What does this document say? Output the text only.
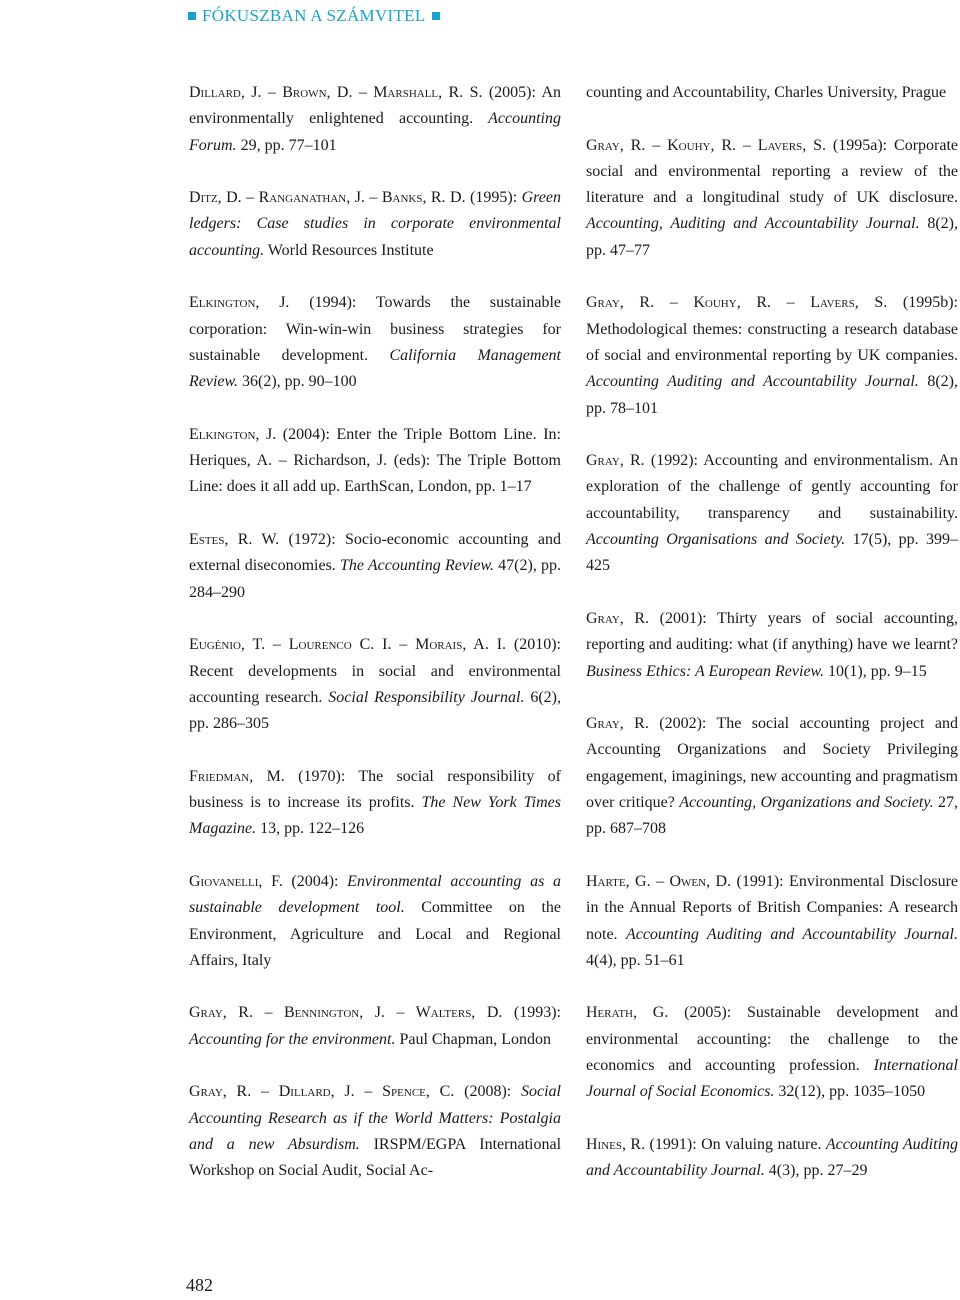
FÓKUSZBAN A SZÁMVITEL

Dillard, J. – Brown, D. – Marshall, R. S. (2005): An environmentally enlightened accounting. Accounting Forum. 29, pp. 77–101

Ditz, D. – Ranganathan, J. – Banks, R. D. (1995): Green ledgers: Case studies in corporate environmental accounting. World Resources Institute

Elkington, J. (1994): Towards the sustainable corporation: Win-win-win business strategies for sustainable development. California Management Review. 36(2), pp. 90–100

Elkington, J. (2004): Enter the Triple Bottom Line. In: Heriques, A. – Richardson, J. (eds): The Triple Bottom Line: does it all add up. EarthScan, London, pp. 1–17

Estes, R. W. (1972): Socio-economic accounting and external diseconomies. The Accounting Review. 47(2), pp. 284–290

Eugénio, T. – Lourenco C. I. – Morais, A. I. (2010): Recent developments in social and environmental accounting research. Social Responsibility Journal. 6(2), pp. 286–305

Friedman, M. (1970): The social responsibility of business is to increase its profits. The New York Times Magazine. 13, pp. 122–126

Giovanelli, F. (2004): Environmental accounting as a sustainable development tool. Committee on the Environment, Agriculture and Local and Regional Affairs, Italy

Gray, R. – Bennington, J. – Walters, D. (1993): Accounting for the environment. Paul Chapman, London

Gray, R. – Dillard, J. – Spence, C. (2008): Social Accounting Research as if the World Matters: Postalgia and a new Absurdism. IRSPM/EGPA International Workshop on Social Audit, Social Ac-

counting and Accountability, Charles University, Prague

Gray, R. – Kouhy, R. – Lavers, S. (1995a): Corporate social and environmental reporting a review of the literature and a longitudinal study of UK disclosure. Accounting, Auditing and Accountability Journal. 8(2), pp. 47–77

Gray, R. – Kouhy, R. – Lavers, S. (1995b): Methodological themes: constructing a research database of social and environmental reporting by UK companies. Accounting Auditing and Accountability Journal. 8(2), pp. 78–101

Gray, R. (1992): Accounting and environmentalism. An exploration of the challenge of gently accounting for accountability, transparency and sustainability. Accounting Organisations and Society. 17(5), pp. 399–425

Gray, R. (2001): Thirty years of social accounting, reporting and auditing: what (if anything) have we learnt? Business Ethics: A European Review. 10(1), pp. 9–15

Gray, R. (2002): The social accounting project and Accounting Organizations and Society Privileging engagement, imaginings, new accounting and pragmatism over critique? Accounting, Organizations and Society. 27, pp. 687–708

Harte, G. – Owen, D. (1991): Environmental Disclosure in the Annual Reports of British Companies: A research note. Accounting Auditing and Accountability Journal. 4(4), pp. 51–61

Herath, G. (2005): Sustainable development and environmental accounting: the challenge to the economics and accounting profession. International Journal of Social Economics. 32(12), pp. 1035–1050

Hines, R. (1991): On valuing nature. Accounting Auditing and Accountability Journal. 4(3), pp. 27–29

482
